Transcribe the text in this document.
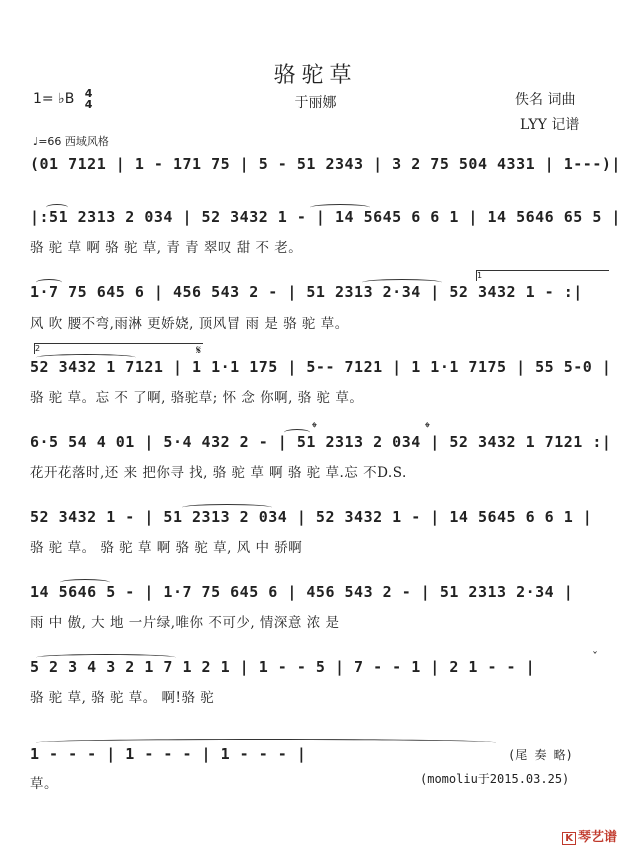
骆驼草
于丽娜
1= ♭B 4
4	佚名 词曲
LYY 记谱
♩=66 西域风格
(01 7121 | 1 - 171 75 | 5 - 51 2343 | 3 2 75 504 4331 | 1---)|
|:51 2313 2 034 | 52 3432 1 - | 14 5645 6 6 1 | 14 5646 65 5 |
骆 驼 草 啊 骆 驼 草, 青 青 翠叹 甜 不 老。
1
1·7 75 645 6 | 456 543 2 - | 51 2313 2·34 | 52 3432 1 - :|
风 吹 腰不弯,雨淋 更娇娆, 顶风冒 雨 是 骆 驼 草。
2	𝄋
52 3432 1 7121 | 1 1·1 175 | 5-- 7121 | 1 1·1 7175 | 55 5-0 |
骆 驼 草。忘 不 了啊, 骆驼草; 怀 念 你啊, 骆 驼 草。
𝄌	𝄌
6·5 54 4 01 | 5·4 432 2 - | 51 2313 2 034 | 52 3432 1 7121 :|
花开花落时,还 来 把你寻 找, 骆 驼 草 啊 骆 驼 草.忘 不D.S.
52 3432 1 - | 51 2313 2 034 | 52 3432 1 - | 14 5645 6 6 1 |
骆 驼 草。 骆 驼 草 啊 骆 驼 草, 风 中 骄啊
14 5646 5 - | 1·7 75 645 6 | 456 543 2 - | 51 2313 2·34 |
雨 中 傲, 大 地 一片绿,唯你 不可少, 情深意 浓 是
ˇ
5 2 3 4 3 2 1 7 1 2 1 | 1 - - 5 | 7 - - 1 | 2 1 - - |
骆 驼 草, 骆 驼 草。 啊!骆 驼
1 - - - | 1 - - - | 1 - - - |	(尾 奏 略)
草。	(momoliu于2015.03.25)
K 琴艺谱
